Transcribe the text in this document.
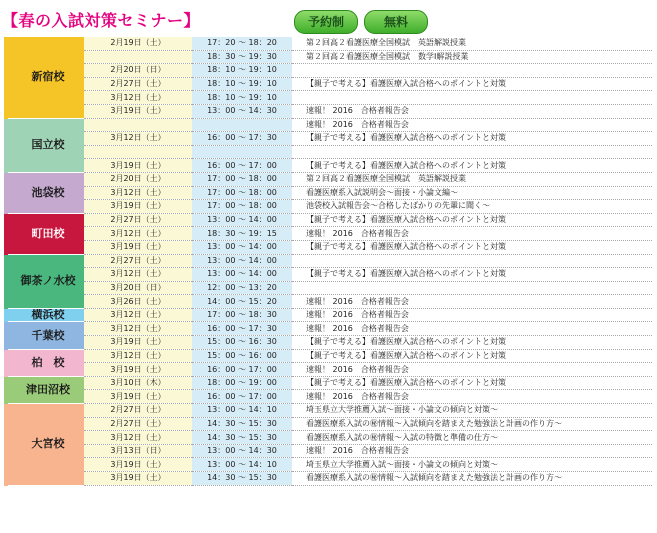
【春の入試対策セミナー】	予約制	無料
新宿校	2月19日（土）	17：20 ～ 18：20	第２回高２看護医療全国模試　英語解説授業
		18：30 ～ 19：30	第２回高２看護医療全国模試　数学Ⅰ解説授業
	2月20日（日）	18：10 ～ 19：10	
	2月27日（土）	18：10 ～ 19：10	【親子で考える】看護医療入試合格へのポイントと対策
	3月12日（土）	18：10 ～ 19：10	
	3月19日（土）	13：00 ～ 14：30	速報！ 2016　合格者報告会
国立校			速報！ 2016　合格者報告会
	3月12日（土）	16：00 ～ 17：30	【親子で考える】看護医療入試合格へのポイントと対策

	3月19日（土）	16：00 ～ 17：00	【親子で考える】看護医療入試合格へのポイントと対策
池袋校	2月20日（土）	17：00 ～ 18：00	第２回高２看護医療全国模試　英語解説授業
	3月12日（土）	17：00 ～ 18：00	看護医療系入試説明会～面接・小論文編～
	3月19日（土）	17：00 ～ 18：00	池袋校入試報告会～合格したばかりの先輩に聞く～
町田校	2月27日（土）	13：00 ～ 14：00	【親子で考える】看護医療入試合格へのポイントと対策
	3月12日（土）	18：30 ～ 19：15	速報！ 2016　合格者報告会
	3月19日（土）	13：00 ～ 14：00	【親子で考える】看護医療入試合格へのポイントと対策
御茶ノ水校	2月27日（土）	13：00 ～ 14：00	
	3月12日（土）	13：00 ～ 14：00	【親子で考える】看護医療入試合格へのポイントと対策
	3月20日（日）	12：00 ～ 13：20	
	3月26日（土）	14：00 ～ 15：20	速報！ 2016　合格者報告会
横浜校	3月12日（土）	17：00 ～ 18：30	速報！ 2016　合格者報告会
千葉校	3月12日（土）	16：00 ～ 17：30	速報！ 2016　合格者報告会
	3月19日（土）	15：00 ～ 16：30	【親子で考える】看護医療入試合格へのポイントと対策
柏　校	3月12日（土）	15：00 ～ 16：00	【親子で考える】看護医療入試合格へのポイントと対策
	3月19日（土）	16：00 ～ 17：00	速報！ 2016　合格者報告会
津田沼校	3月10日（木）	18：00 ～ 19：00	【親子で考える】看護医療入試合格へのポイントと対策
	3月19日（土）	16：00 ～ 17：00	速報！ 2016　合格者報告会
大宮校	2月27日（土）	13：00 ～ 14：10	埼玉県立大学推薦入試～面接・小論文の傾向と対策～
	2月27日（土）	14：30 ～ 15：30	看護医療系入試の㊙情報～入試傾向を踏まえた勉強法と計画の作り方～
	3月12日（土）	14：30 ～ 15：30	看護医療系入試の㊙情報～入試の特徴と準備の仕方～
	3月13日（日）	13：00 ～ 14：30	速報！ 2016　合格者報告会
	3月19日（土）	13：00 ～ 14：10	埼玉県立大学推薦入試～面接・小論文の傾向と対策～
	3月19日（土）	14：30 ～ 15：30	看護医療系入試の㊙情報～入試傾向を踏まえた勉強法と計画の作り方～
